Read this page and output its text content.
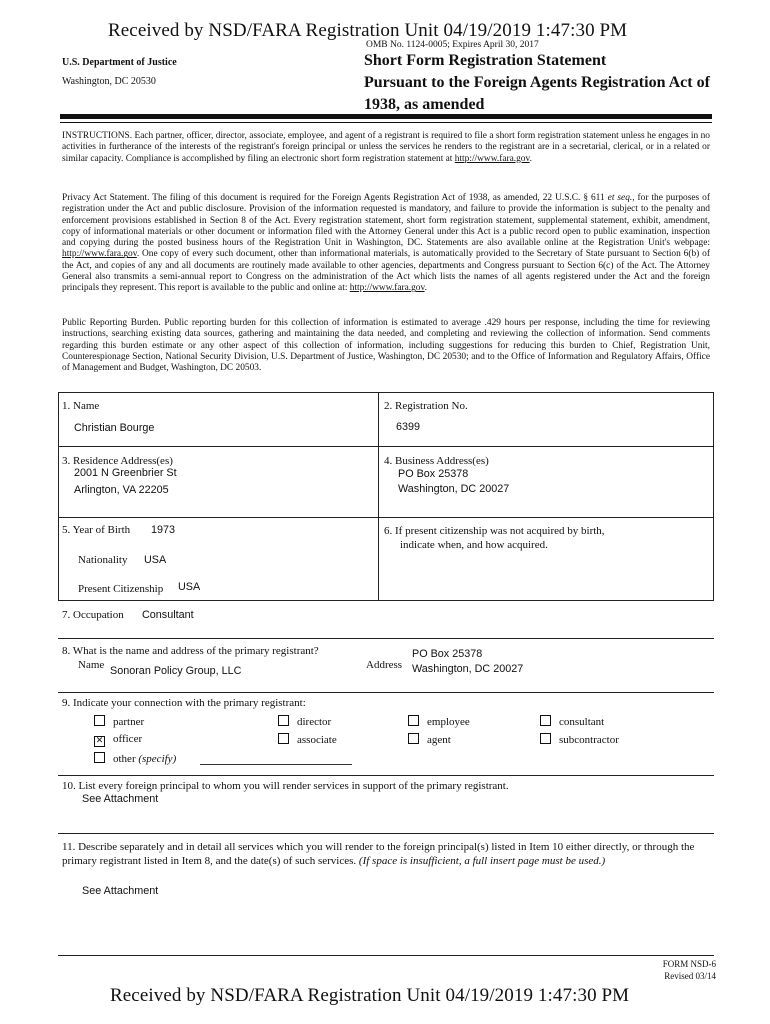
Received by NSD/FARA Registration Unit 04/19/2019 1:47:30 PM
OMB No. 1124-0005; Expires April 30, 2017
U.S. Department of Justice
Washington, DC 20530
Short Form Registration Statement
Pursuant to the Foreign Agents Registration Act of
1938, as amended
INSTRUCTIONS. Each partner, officer, director, associate, employee, and agent of a registrant is required to file a short form registration statement unless he engages in no activities in furtherance of the interests of the registrant's foreign principal or unless the services he renders to the registrant are in a secretarial, clerical, or in a related or similar capacity. Compliance is accomplished by filing an electronic short form registration statement at http://www.fara.gov.
Privacy Act Statement. The filing of this document is required for the Foreign Agents Registration Act of 1938, as amended, 22 U.S.C. § 611 et seq., for the purposes of registration under the Act and public disclosure. Provision of the information requested is mandatory, and failure to provide the information is subject to the penalty and enforcement provisions established in Section 8 of the Act. Every registration statement, short form registration statement, supplemental statement, exhibit, amendment, copy of informational materials or other document or information filed with the Attorney General under this Act is a public record open to public examination, inspection and copying during the posted business hours of the Registration Unit in Washington, DC. Statements are also available online at the Registration Unit's webpage: http://www.fara.gov. One copy of every such document, other than informational materials, is automatically provided to the Secretary of State pursuant to Section 6(b) of the Act, and copies of any and all documents are routinely made available to other agencies, departments and Congress pursuant to Section 6(c) of the Act. The Attorney General also transmits a semi-annual report to Congress on the administration of the Act which lists the names of all agents registered under the Act and the foreign principals they represent. This report is available to the public and online at: http://www.fara.gov.
Public Reporting Burden. Public reporting burden for this collection of information is estimated to average .429 hours per response, including the time for reviewing instructions, searching existing data sources, gathering and maintaining the data needed, and completing and reviewing the collection of information. Send comments regarding this burden estimate or any other aspect of this collection of information, including suggestions for reducing this burden to Chief, Registration Unit, Counterespionage Section, National Security Division, U.S. Department of Justice, Washington, DC 20530; and to the Office of Information and Regulatory Affairs, Office of Management and Budget, Washington, DC 20503.
1. Name
Christian Bourge
2. Registration No.
6399
3. Residence Address(es)
2001 N Greenbrier St
Arlington, VA 22205
4. Business Address(es)
PO Box 25378
Washington, DC 20027
5. Year of Birth 1973	6. If present citizenship was not acquired by birth,
indicate when, and how acquired.
Nationality USA
Present Citizenship USA
7. Occupation Consultant
8. What is the name and address of the primary registrant?
Name Sonoran Policy Group, LLC	Address
PO Box 25378
Washington, DC 20027
9. Indicate your connection with the primary registrant:
partner	director	employee	consultant
✕ officer	associate	agent	subcontractor
other (specify)
10. List every foreign principal to whom you will render services in support of the primary registrant.
See Attachment
11. Describe separately and in detail all services which you will render to the foreign principal(s) listed in Item 10 either directly, or through the primary registrant listed in Item 8, and the date(s) of such services. (If space is insufficient, a full insert page must be used.)
See Attachment
FORM NSD-6
Revised 03/14
Received by NSD/FARA Registration Unit 04/19/2019 1:47:30 PM
